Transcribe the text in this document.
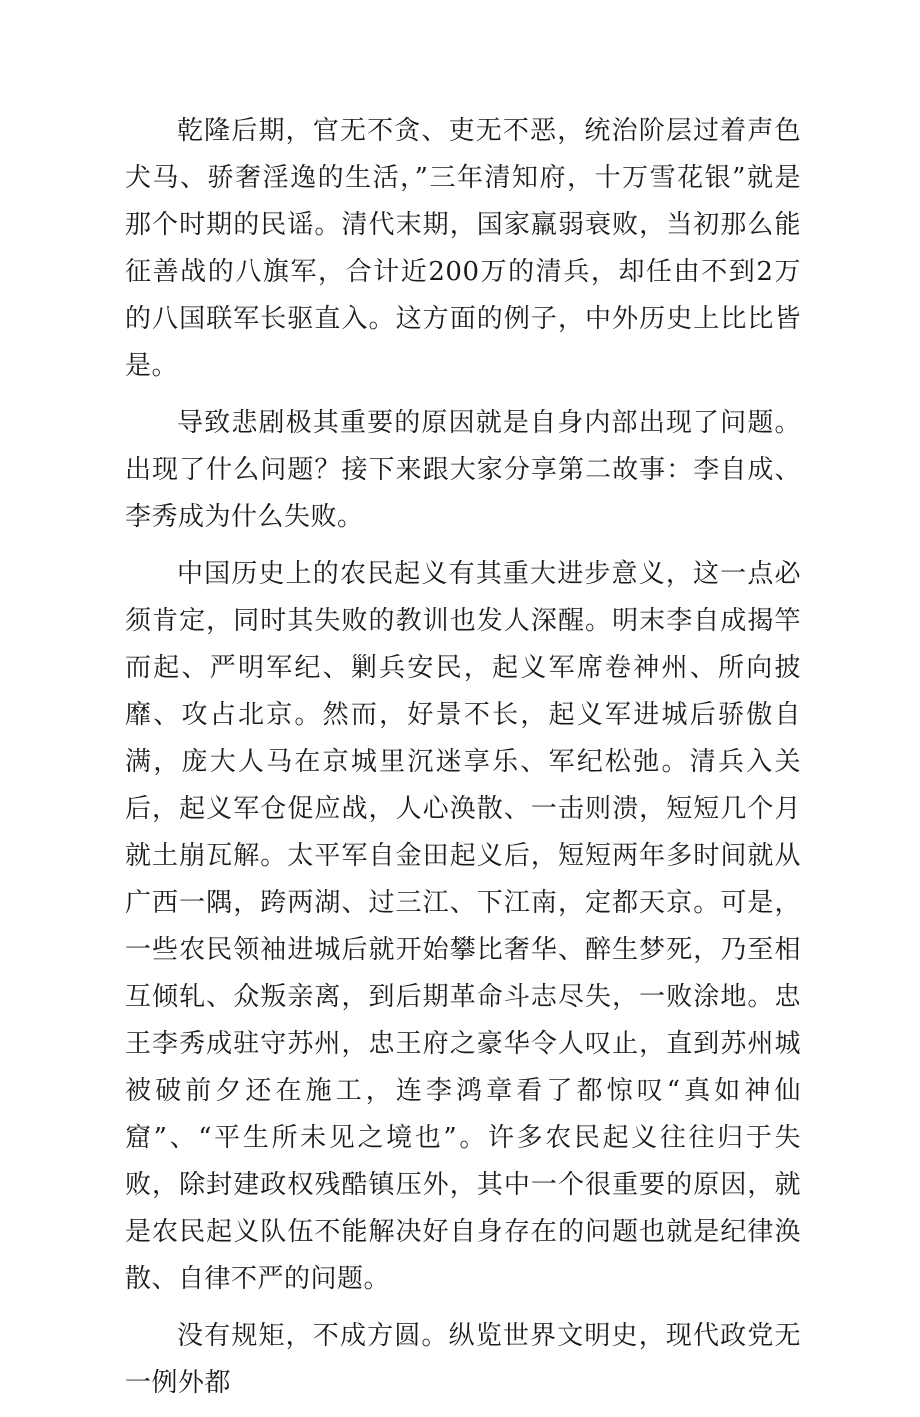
乾隆后期，官无不贪、吏无不恶，统治阶层过着声色犬马、骄奢淫逸的生活，”三年清知府，十万雪花银”就是那个时期的民谣。清代末期，国家羸弱衰败，当初那么能征善战的八旗军，合计近200万的清兵，却任由不到2万的八国联军长驱直入。这方面的例子，中外历史上比比皆是。

导致悲剧极其重要的原因就是自身内部出现了问题。出现了什么问题？接下来跟大家分享第二故事：李自成、李秀成为什么失败。

中国历史上的农民起义有其重大进步意义，这一点必须肯定，同时其失败的教训也发人深醒。明末李自成揭竿而起、严明军纪、剿兵安民，起义军席卷神州、所向披靡、攻占北京。然而，好景不长，起义军进城后骄傲自满，庞大人马在京城里沉迷享乐、军纪松弛。清兵入关后，起义军仓促应战，人心涣散、一击则溃，短短几个月就土崩瓦解。太平军自金田起义后，短短两年多时间就从广西一隅，跨两湖、过三江、下江南，定都天京。可是，一些农民领袖进城后就开始攀比奢华、醉生梦死，乃至相互倾轧、众叛亲离，到后期革命斗志尽失，一败涂地。忠王李秀成驻守苏州，忠王府之豪华令人叹止，直到苏州城被破前夕还在施工，连李鸿章看了都惊叹“真如神仙窟”、“平生所未见之境也”。许多农民起义往往归于失败，除封建政权残酷镇压外，其中一个很重要的原因，就是农民起义队伍不能解决好自身存在的问题也就是纪律涣散、自律不严的问题。

没有规矩，不成方圆。纵览世界文明史，现代政党无一例外都
